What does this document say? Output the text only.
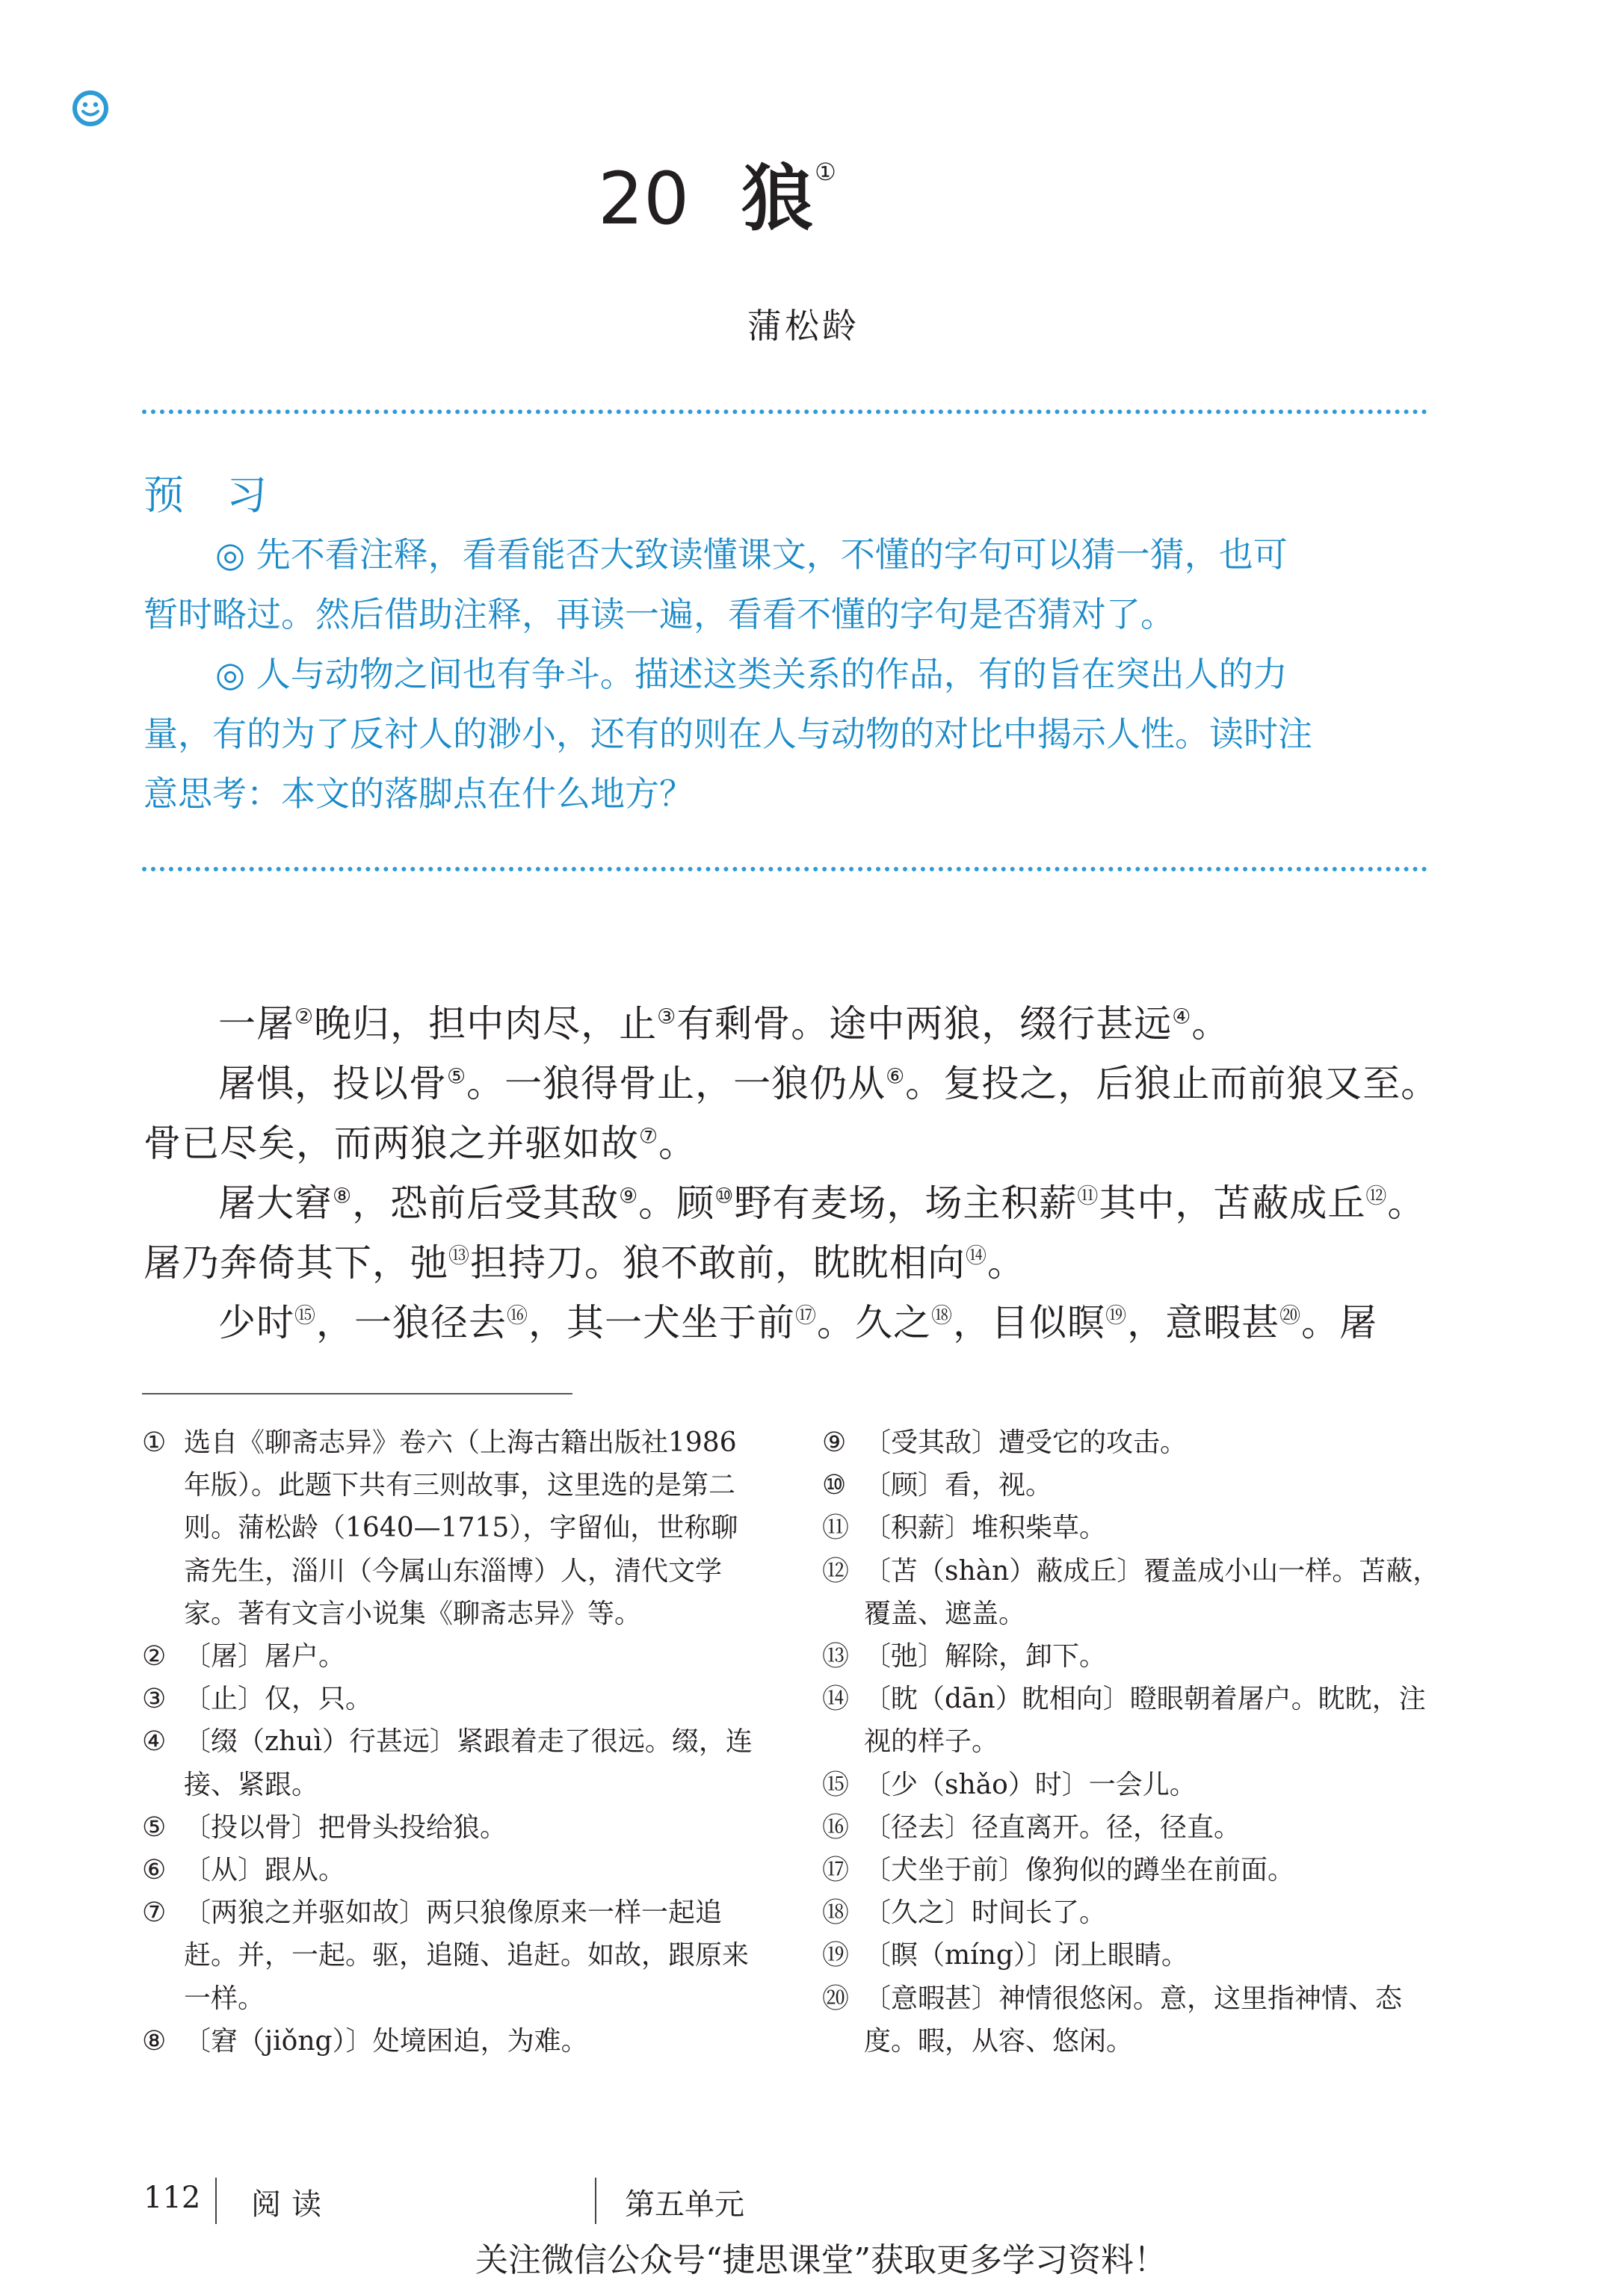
20 狼①
蒲松龄
预 习
◎ 先不看注释，看看能否大致读懂课文，不懂的字句可以猜一猜，也可
暂时略过。然后借助注释，再读一遍，看看不懂的字句是否猜对了。
◎ 人与动物之间也有争斗。描述这类关系的作品，有的旨在突出人的力
量，有的为了反衬人的渺小，还有的则在人与动物的对比中揭示人性。读时注
意思考：本文的落脚点在什么地方？
一屠②晚归，担中肉尽，止③有剩骨。途中两狼，缀行甚远④。
屠惧，投以骨⑤。一狼得骨止，一狼仍从⑥。复投之，后狼止而前狼又至。
骨已尽矣，而两狼之并驱如故⑦。
屠大窘⑧，恐前后受其敌⑨。顾⑩野有麦场，场主积薪⑪其中，苫蔽成丘⑫。
屠乃奔倚其下，弛⑬担持刀。狼不敢前，眈眈相向⑭。
少时⑮，一狼径去⑯，其一犬坐于前⑰。久之⑱，目似瞑⑲，意暇甚⑳。屠
① 选自《聊斋志异》卷六（上海古籍出版社1986年版）。此题下共有三则故事，这里选的是第二则。蒲松龄（1640—1715），字留仙，世称聊斋先生，淄川（今属山东淄博）人，清代文学家。著有文言小说集《聊斋志异》等。
② 〔屠〕屠户。
③ 〔止〕仅，只。
④ 〔缀（zhuì）行甚远〕紧跟着走了很远。缀，连接、紧跟。
⑤ 〔投以骨〕把骨头投给狼。
⑥ 〔从〕跟从。
⑦ 〔两狼之并驱如故〕两只狼像原来一样一起追赶。并，一起。驱，追随、追赶。如故，跟原来一样。
⑧ 〔窘（jiǒng）〕处境困迫，为难。
⑨ 〔受其敌〕遭受它的攻击。
⑩ 〔顾〕看，视。
⑪ 〔积薪〕堆积柴草。
⑫ 〔苫（shàn）蔽成丘〕覆盖成小山一样。苫蔽，覆盖、遮盖。
⑬ 〔弛〕解除，卸下。
⑭ 〔眈（dān）眈相向〕瞪眼朝着屠户。眈眈，注视的样子。
⑮ 〔少（shǎo）时〕一会儿。
⑯ 〔径去〕径直离开。径，径直。
⑰ 〔犬坐于前〕像狗似的蹲坐在前面。
⑱ 〔久之〕时间长了。
⑲ 〔瞑（míng）〕闭上眼睛。
⑳ 〔意暇甚〕神情很悠闲。意，这里指神情、态度。暇，从容、悠闲。
112 阅读	第五单元
关注微信公众号“捷思课堂”获取更多学习资料！
